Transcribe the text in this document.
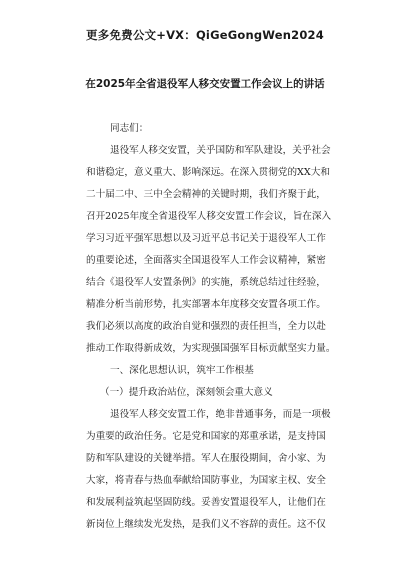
更多免费公文+VX：QiGeGongWen2024
在2025年全省退役军人移交安置工作会议上的讲话
同志们：

退役军人移交安置，关乎国防和军队建设，关乎社会
和谐稳定，意义重大、影响深远。在深入贯彻党的XX大和
二十届二中、三中全会精神的关键时期，我们齐聚于此，
召开2025年度全省退役军人移交安置工作会议，旨在深入
学习习近平强军思想以及习近平总书记关于退役军人工作
的重要论述，全面落实全国退役军人工作会议精神，紧密
结合《退役军人安置条例》的实施，系统总结过往经验，
精准分析当前形势，扎实部署本年度移交安置各项工作。
我们必须以高度的政治自觉和强烈的责任担当，全力以赴
推动工作取得新成效，为实现强国强军目标贡献坚实力量。

一、深化思想认识，筑牢工作根基
（一）提升政治站位，深刻领会重大意义

退役军人移交安置工作，绝非普通事务，而是一项极
为重要的政治任务。它是党和国家的郑重承诺，是支持国
防和军队建设的关键举措。军人在服役期间，舍小家、为
大家，将青春与热血奉献给国防事业，为国家主权、安全
和发展利益筑起坚固防线。妥善安置退役军人，让他们在
新岗位上继续发光发热，是我们义不容辞的责任。这不仅
